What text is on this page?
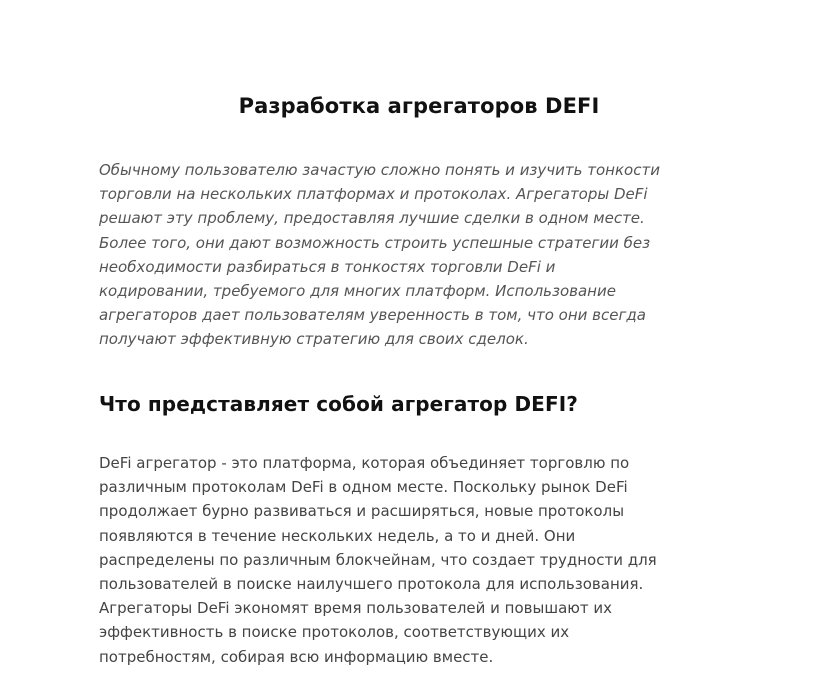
Разработка агрегаторов DEFI

Обычному пользователю зачастую сложно понять и изучить тонкости
торговли на нескольких платформах и протоколах. Агрегаторы DeFi
решают эту проблему, предоставляя лучшие сделки в одном месте.
Более того, они дают возможность строить успешные стратегии без
необходимости разбираться в тонкостях торговли DeFi и
кодировании, требуемого для многих платформ. Использование
агрегаторов дает пользователям уверенность в том, что они всегда
получают эффективную стратегию для своих сделок.

Что представляет собой агрегатор DEFI?

DeFi агрегатор - это платформа, которая объединяет торговлю по
различным протоколам DeFi в одном месте. Поскольку рынок DeFi
продолжает бурно развиваться и расширяться, новые протоколы
появляются в течение нескольких недель, а то и дней. Они
распределены по различным блокчейнам, что создает трудности для
пользователей в поиске наилучшего протокола для использования.
Агрегаторы DeFi экономят время пользователей и повышают их
эффективность в поиске протоколов, соответствующих их
потребностям, собирая всю информацию вместе.
